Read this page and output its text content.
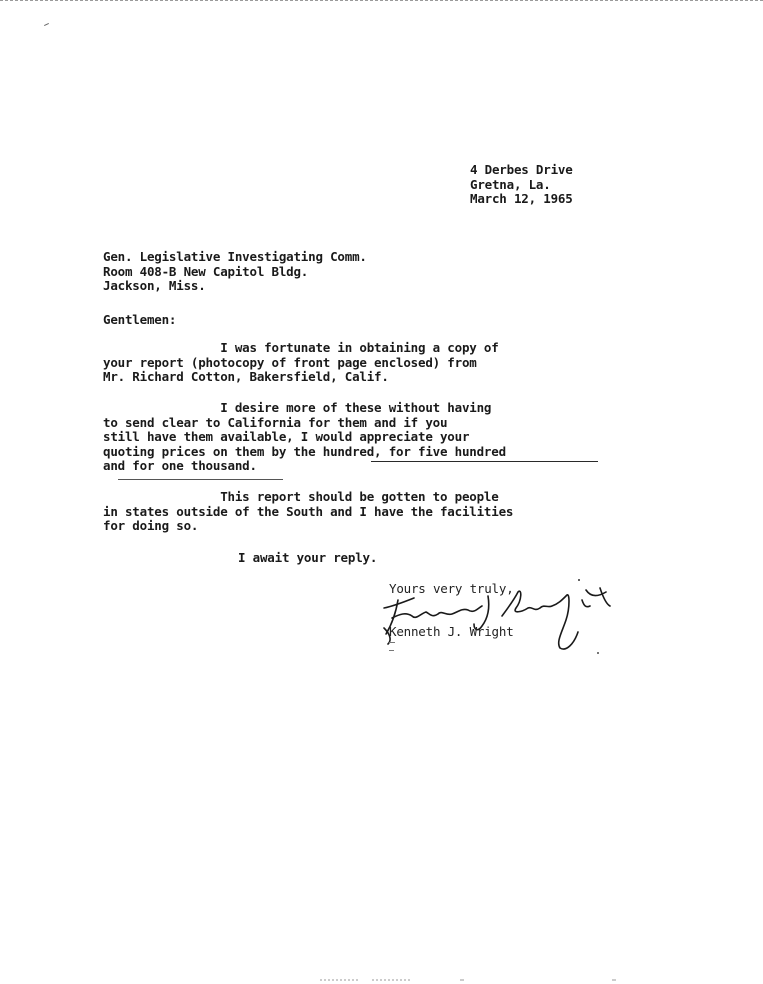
4 Derbes Drive
Gretna, La.
March 12, 1965
Gen. Legislative Investigating Comm.
Room 408-B New Capitol Bldg.
Jackson, Miss.
Gentlemen:
I was fortunate in obtaining a copy of
your report (photocopy of front page enclosed) from
Mr. Richard Cotton, Bakersfield, Calif.
I desire more of these without having
to send clear to California for them and if you
still have them available, I would appreciate your
quoting prices on them by the hundred, for five hundred
and for one thousand.
This report should be gotten to people
in states outside of the South and I have the facilities
for doing so.
I await your reply.
Yours very truly,
Kenneth J. Wright
